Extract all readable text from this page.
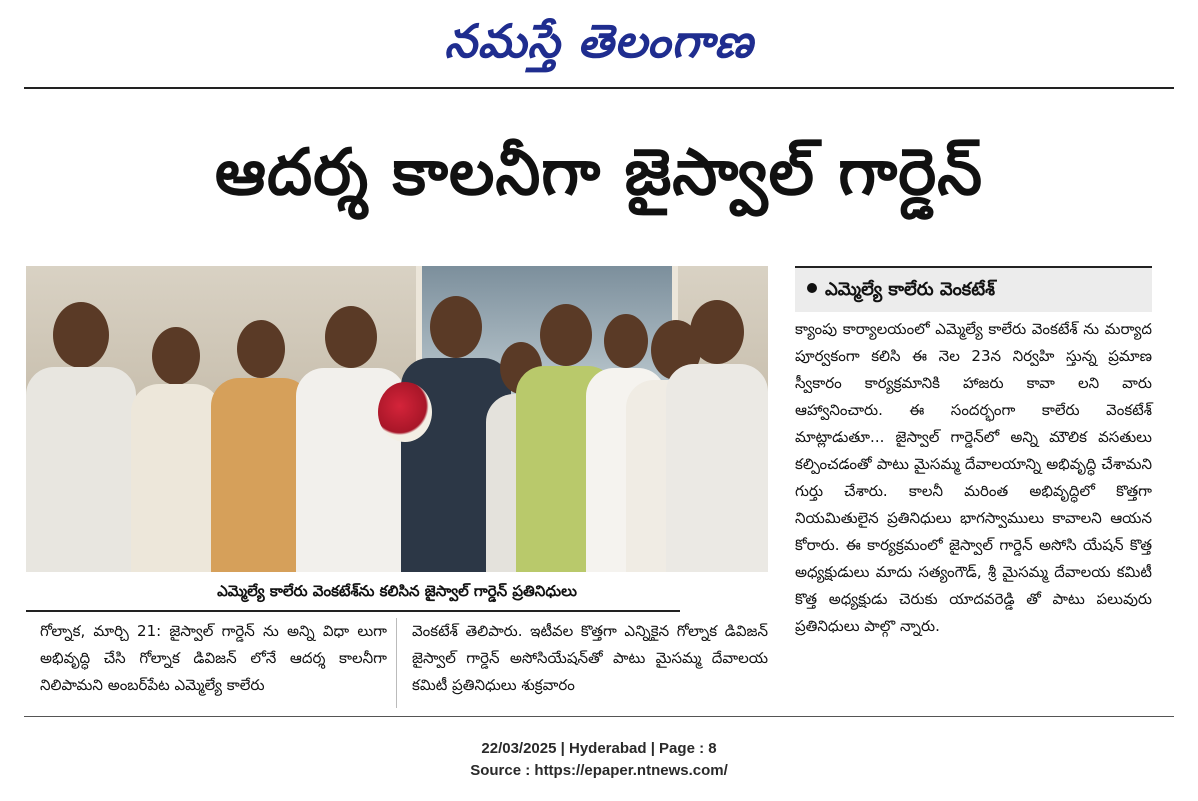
నమస్తే తెలంగాణ
ఆదర్శ కాలనీగా జైస్వాల్ గార్డెన్
ఎమ్మెల్యే కాలేరు వెంకటేశ్‌ను కలిసిన జైస్వాల్ గార్డెన్ ప్రతినిధులు
ఎమ్మెల్యే కాలేరు వెంకటేశ్
క్యాంపు కార్యాలయంలో ఎమ్మెల్యే కాలేరు వెంకటేశ్ ను మర్యాద పూర్వకంగా కలిసి ఈ నెల 23న నిర్వహి స్తున్న ప్రమాణ స్వీకారం కార్యక్రమానికి హాజరు కావా లని వారు ఆహ్వానించారు. ఈ సందర్భంగా కాలేరు వెంకటేశ్ మాట్లాడుతూ... జైస్వాల్ గార్డెన్‌లో అన్ని మౌలిక వసతులు కల్పించడంతో పాటు మైసమ్మ దేవాలయాన్ని అభివృద్ధి చేశామని గుర్తు చేశారు. కాలనీ మరింత అభివృద్ధిలో కొత్తగా నియమితులైన ప్రతినిధులు భాగస్వాములు కావాలని ఆయన కోరారు. ఈ కార్యక్రమంలో జైస్వాల్ గార్డెన్ అసోసి యేషన్ కొత్త అధ్యక్షుడులు మాదు సత్యంగౌడ్, శ్రీ మైసమ్మ దేవాలయ కమిటీ కొత్త అధ్యక్షుడు చెరుకు యాదవరెడ్డి తో పాటు పలువురు ప్రతినిధులు పాల్గొ న్నారు.
గోల్నాక, మార్చి 21: జైస్వాల్ గార్డెన్ ను అన్ని విధా లుగా అభివృద్ధి చేసి గోల్నాక డివిజన్ లోనే ఆదర్శ కాలనీగా నిలిపామని అంబర్‌పేట ఎమ్మెల్యే కాలేరు
వెంకటేశ్ తెలిపారు. ఇటీవల కొత్తగా ఎన్నికైన గోల్నాక డివిజన్ జైస్వాల్ గార్డెన్ అసోసియేషన్‌తో పాటు మైసమ్మ దేవాలయ కమిటీ ప్రతినిధులు శుక్రవారం
22/03/2025 | Hyderabad | Page : 8
Source : https://epaper.ntnews.com/
